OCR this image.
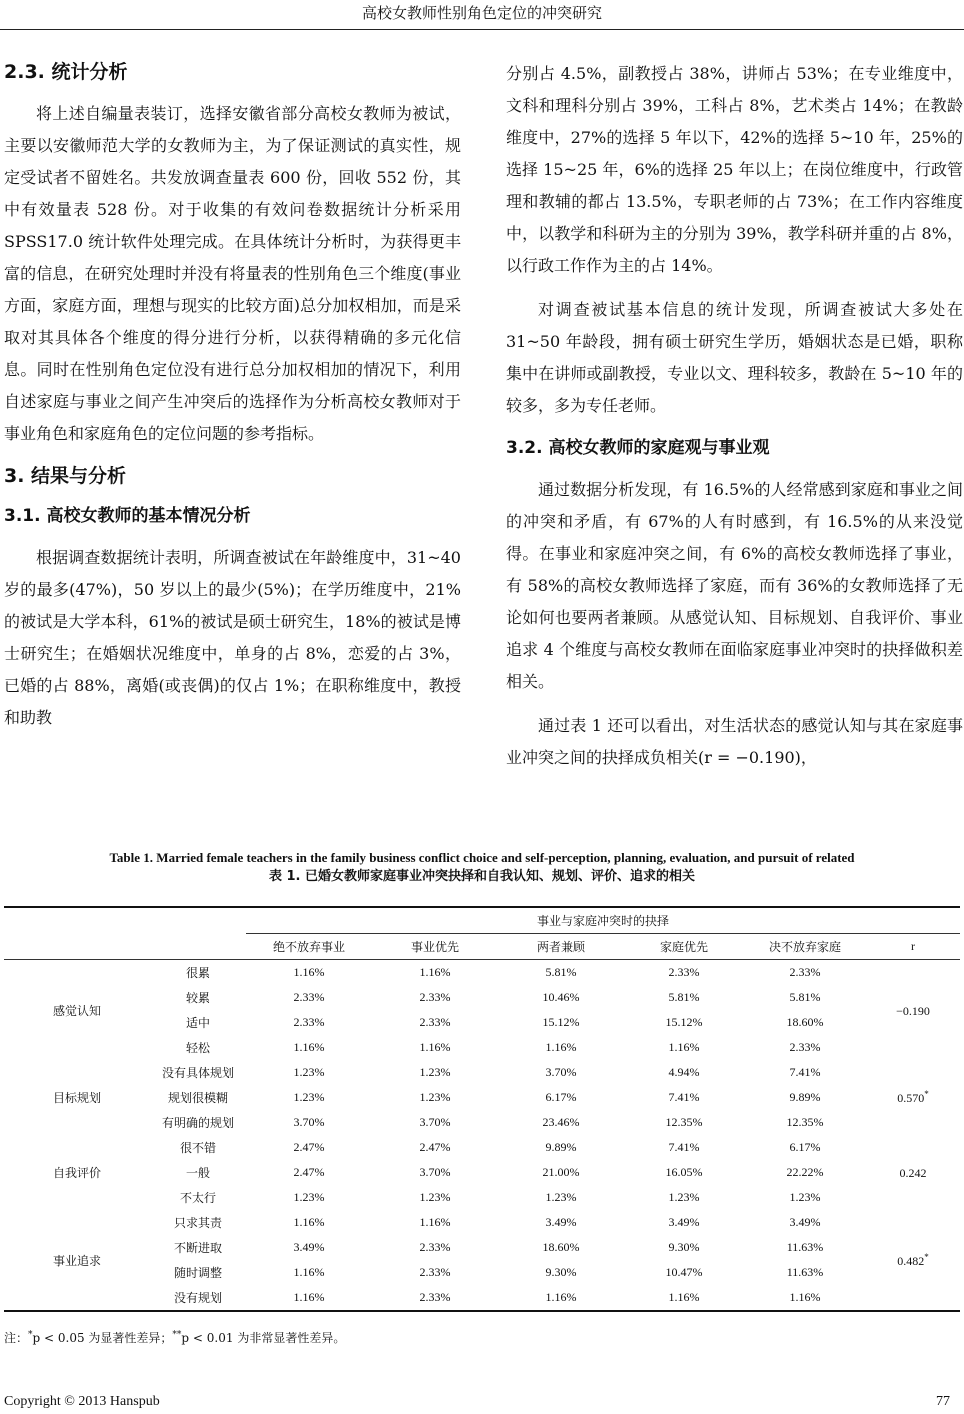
高校女教师性别角色定位的冲突研究
2.3. 统计分析

将上述自编量表装订，选择安徽省部分高校女教师为被试，主要以安徽师范大学的女教师为主，为了保证测试的真实性，规定受试者不留姓名。共发放调查量表 600 份，回收 552 份，其中有效量表 528 份。对于收集的有效问卷数据统计分析采用 SPSS17.0 统计软件处理完成。在具体统计分析时，为获得更丰富的信息，在研究处理时并没有将量表的性别角色三个维度(事业方面，家庭方面，理想与现实的比较方面)总分加权相加，而是采取对其具体各个维度的得分进行分析，以获得精确的多元化信息。同时在性别角色定位没有进行总分加权相加的情况下，利用自述家庭与事业之间产生冲突后的选择作为分析高校女教师对于事业角色和家庭角色的定位问题的参考指标。

3. 结果与分析
3.1. 高校女教师的基本情况分析

根据调查数据统计表明，所调查被试在年龄维度中，31~40 岁的最多(47%)，50 岁以上的最少(5%)；在学历维度中，21%的被试是大学本科，61%的被试是硕士研究生，18%的被试是博士研究生；在婚姻状况维度中，单身的占 8%，恋爱的占 3%，已婚的占 88%，离婚(或丧偶)的仅占 1%；在职称维度中，教授和助教

分别占 4.5%，副教授占 38%，讲师占 53%；在专业维度中，文科和理科分别占 39%，工科占 8%，艺术类占 14%；在教龄维度中，27%的选择 5 年以下，42%的选择 5~10 年，25%的选择 15~25 年，6%的选择 25 年以上；在岗位维度中，行政管理和教辅的都占 13.5%，专职老师的占 73%；在工作内容维度中，以教学和科研为主的分别为 39%，教学科研并重的占 8%，以行政工作作为主的占 14%。

对调查被试基本信息的统计发现，所调查被试大多处在 31~50 年龄段，拥有硕士研究生学历，婚姻状态是已婚，职称集中在讲师或副教授，专业以文、理科较多，教龄在 5~10 年的较多，多为专任老师。

3.2. 高校女教师的家庭观与事业观

通过数据分析发现，有 16.5%的人经常感到家庭和事业之间的冲突和矛盾，有 67%的人有时感到，有 16.5%的从来没觉得。在事业和家庭冲突之间，有 6%的高校女教师选择了事业，有 58%的高校女教师选择了家庭，而有 36%的女教师选择了无论如何也要两者兼顾。从感觉认知、目标规划、自我评价、事业追求 4 个维度与高校女教师在面临家庭事业冲突时的抉择做积差相关。

通过表 1 还可以看出，对生活状态的感觉认知与其在家庭事业冲突之间的抉择成负相关(r = −0.190)，

Table 1. Married female teachers in the family business conflict choice and self-perception, planning, evaluation, and pursuit of related
表 1. 已婚女教师家庭事业冲突抉择和自我认知、规划、评价、追求的相关
		事业与家庭冲突时的抉择					
		绝不放弃事业	事业优先	两者兼顾	家庭优先	决不放弃家庭	r
感觉认知	很累	1.16%	1.16%	5.81%	2.33%	2.33%	−0.190
	较累	2.33%	2.33%	10.46%	5.81%	5.81%	
	适中	2.33%	2.33%	15.12%	15.12%	18.60%	
	轻松	1.16%	1.16%	1.16%	1.16%	2.33%	
目标规划	没有具体规划	1.23%	1.23%	3.70%	4.94%	7.41%	0.570*
	规划很模糊	1.23%	1.23%	6.17%	7.41%	9.89%	
	有明确的规划	3.70%	3.70%	23.46%	12.35%	12.35%	
自我评价	很不错	2.47%	2.47%	9.89%	7.41%	6.17%	0.242
	一般	2.47%	3.70%	21.00%	16.05%	22.22%	
	不太行	1.23%	1.23%	1.23%	1.23%	1.23%	
事业追求	只求其责	1.16%	1.16%	3.49%	3.49%	3.49%	0.482*
	不断进取	3.49%	2.33%	18.60%	9.30%	11.63%	
	随时调整	1.16%	2.33%	9.30%	10.47%	11.63%	
	没有规划	1.16%	2.33%	1.16%	1.16%	1.16%	
注：*p < 0.05 为显著性差异；**p < 0.01 为非常显著性差异。
Copyright © 2013 Hanspub	77
